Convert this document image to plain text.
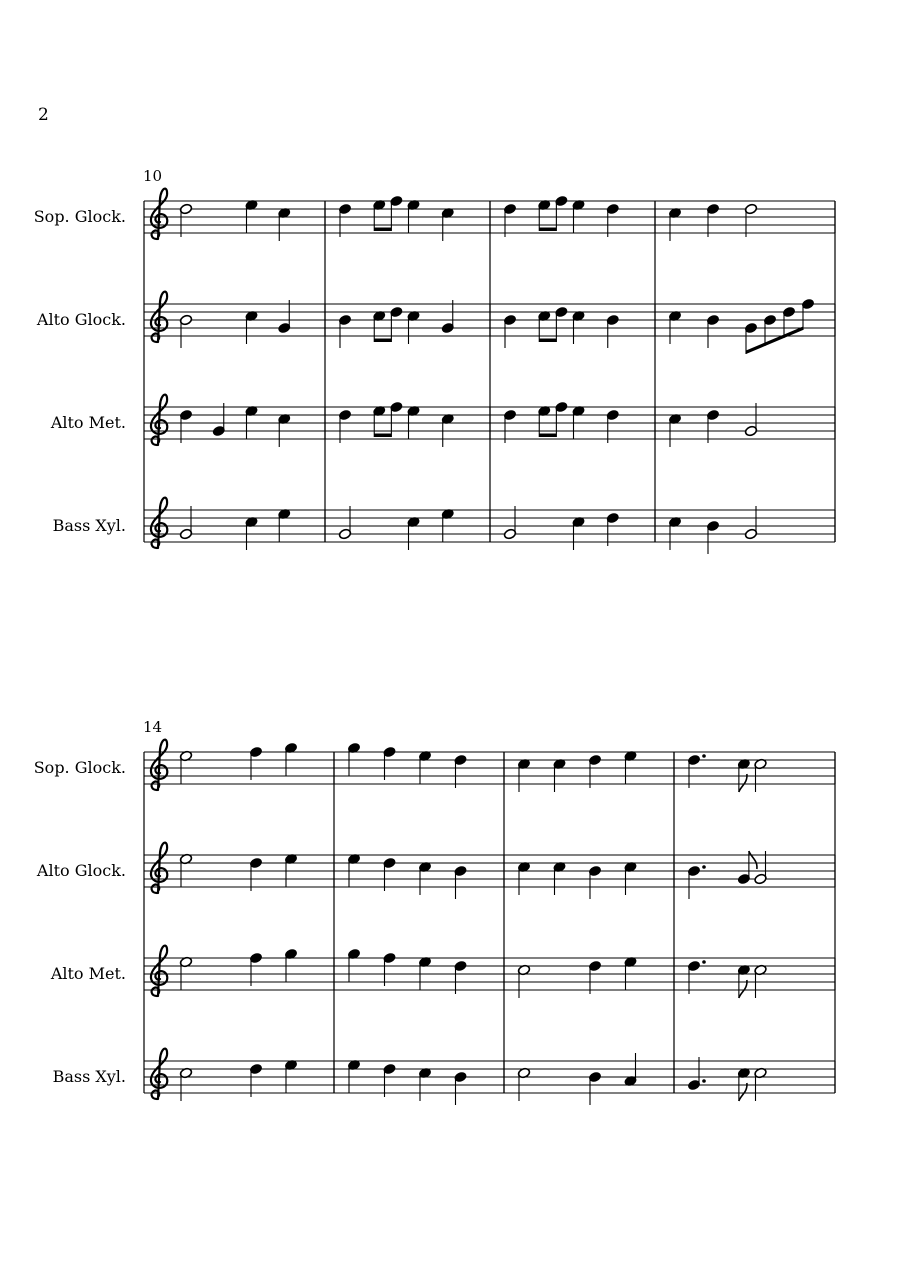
2
10
Sop. Glock.
Alto Glock.
Alto Met.
Bass Xyl.
14
Sop. Glock.
Alto Glock.
Alto Met.
Bass Xyl.
